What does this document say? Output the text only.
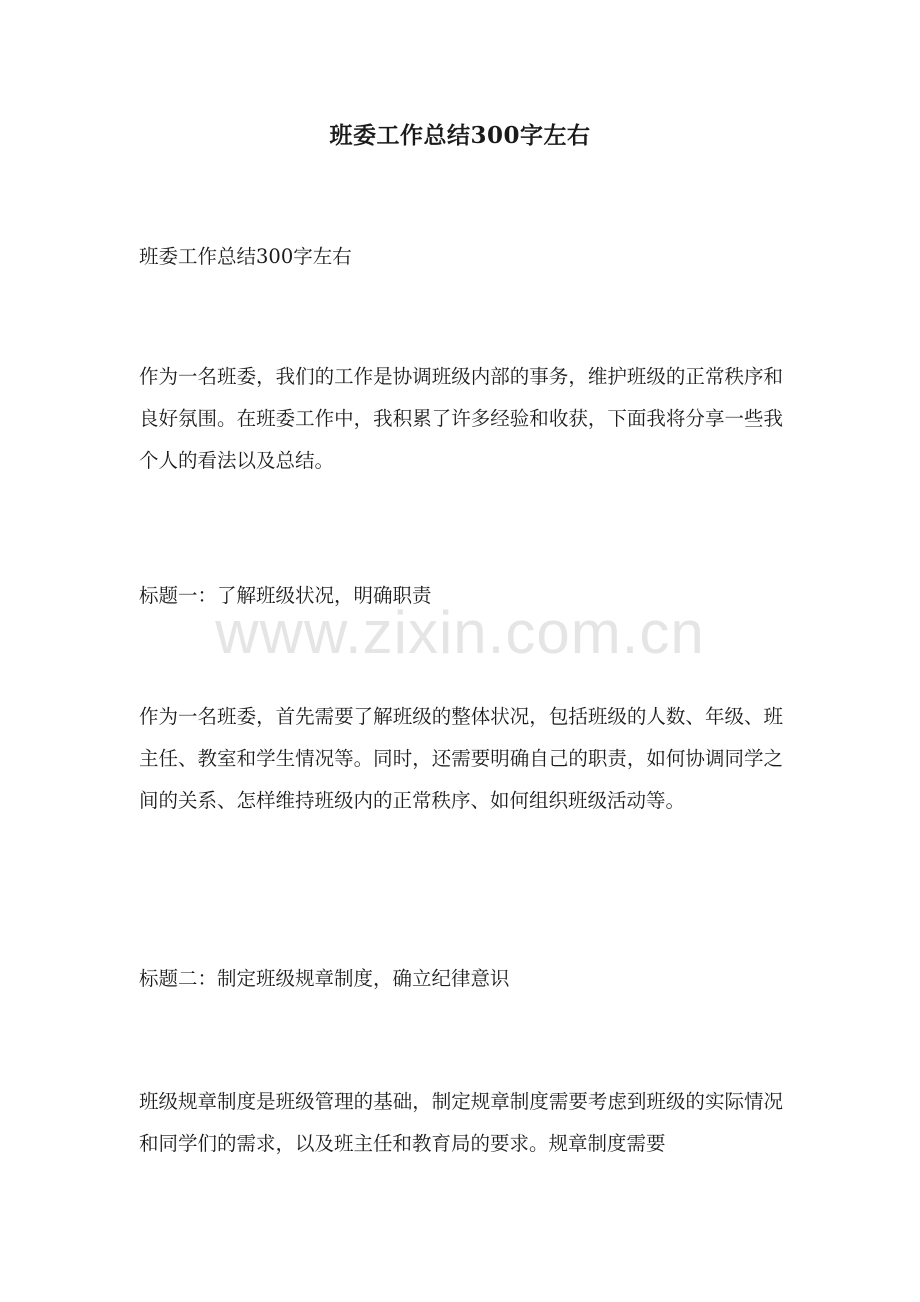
班委工作总结300字左右

班委工作总结300字左右

作为一名班委，我们的工作是协调班级内部的事务，维护班级的正常秩序和良好氛围。在班委工作中，我积累了许多经验和收获，下面我将分享一些我个人的看法以及总结。

标题一：了解班级状况，明确职责

作为一名班委，首先需要了解班级的整体状况，包括班级的人数、年级、班主任、教室和学生情况等。同时，还需要明确自己的职责，如何协调同学之间的关系、怎样维持班级内的正常秩序、如何组织班级活动等。

标题二：制定班级规章制度，确立纪律意识

班级规章制度是班级管理的基础，制定规章制度需要考虑到班级的实际情况和同学们的需求，以及班主任和教育局的要求。规章制度需要

www.zixin.com.cn
